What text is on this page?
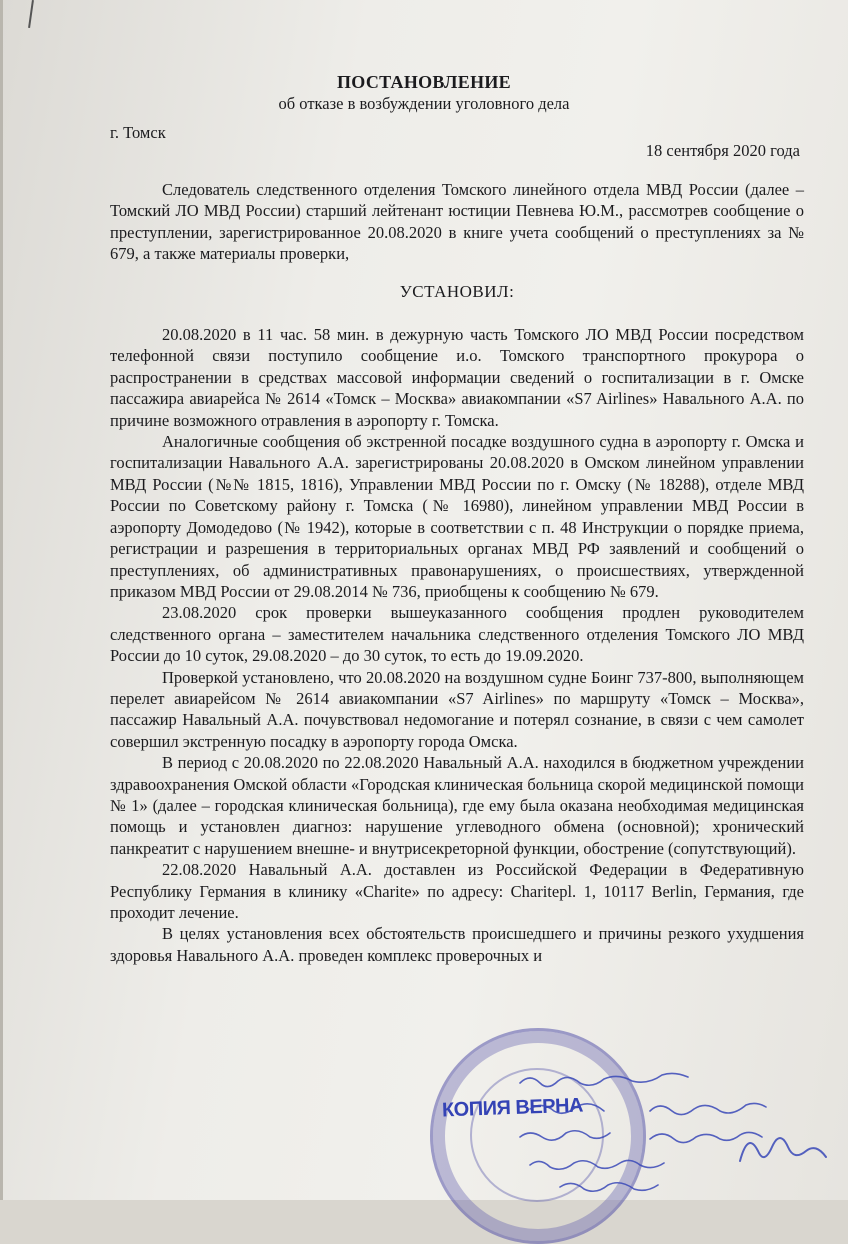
ПОСТАНОВЛЕНИЕ
об отказе в возбуждении уголовного дела
г. Томск
18 сентября 2020 года

Следователь следственного отделения Томского линейного отдела МВД России (далее – Томский ЛО МВД России) старший лейтенант юстиции Певнева Ю.М., рассмотрев сообщение о преступлении, зарегистрированное 20.08.2020 в книге учета сообщений о преступлениях за № 679, а также материалы проверки,

УСТАНОВИЛ:

20.08.2020 в 11 час. 58 мин. в дежурную часть Томского ЛО МВД России посредством телефонной связи поступило сообщение и.о. Томского транспортного прокурора о распространении в средствах массовой информации сведений о госпитализации в г. Омске пассажира авиарейса № 2614 «Томск – Москва» авиакомпании «S7 Airlines» Навального А.А. по причине возможного отравления в аэропорту г. Томска.

Аналогичные сообщения об экстренной посадке воздушного судна в аэропорту г. Омска и госпитализации Навального А.А. зарегистрированы 20.08.2020 в Омском линейном управлении МВД России (№№ 1815, 1816), Управлении МВД России по г. Омску (№ 18288), отделе МВД России по Советскому району г. Томска (№ 16980), линейном управлении МВД России в аэропорту Домодедово (№ 1942), которые в соответствии с п. 48 Инструкции о порядке приема, регистрации и разрешения в территориальных органах МВД РФ заявлений и сообщений о преступлениях, об административных правонарушениях, о происшествиях, утвержденной приказом МВД России от 29.08.2014 № 736, приобщены к сообщению № 679.

23.08.2020 срок проверки вышеуказанного сообщения продлен руководителем следственного органа – заместителем начальника следственного отделения Томского ЛО МВД России до 10 суток, 29.08.2020 – до 30 суток, то есть до 19.09.2020.

Проверкой установлено, что 20.08.2020 на воздушном судне Боинг 737-800, выполняющем перелет авиарейсом № 2614 авиакомпании «S7 Airlines» по маршруту «Томск – Москва», пассажир Навальный А.А. почувствовал недомогание и потерял сознание, в связи с чем самолет совершил экстренную посадку в аэропорту города Омска.

В период с 20.08.2020 по 22.08.2020 Навальный А.А. находился в бюджетном учреждении здравоохранения Омской области «Городская клиническая больница скорой медицинской помощи № 1» (далее – городская клиническая больница), где ему была оказана необходимая медицинская помощь и установлен диагноз: нарушение углеводного обмена (основной); хронический панкреатит с нарушением внешне- и внутрисекреторной функции, обострение (сопутствующий).

22.08.2020 Навальный А.А. доставлен из Российской Федерации в Федеративную Республику Германия в клинику «Charite» по адресу: Charitepl. 1, 10117 Berlin, Германия, где проходит лечение.

В целях установления всех обстоятельств происшедшего и причины резкого ухудшения здоровья Навального А.А. проведен комплекс проверочных и

КОПИЯ ВЕРНА
